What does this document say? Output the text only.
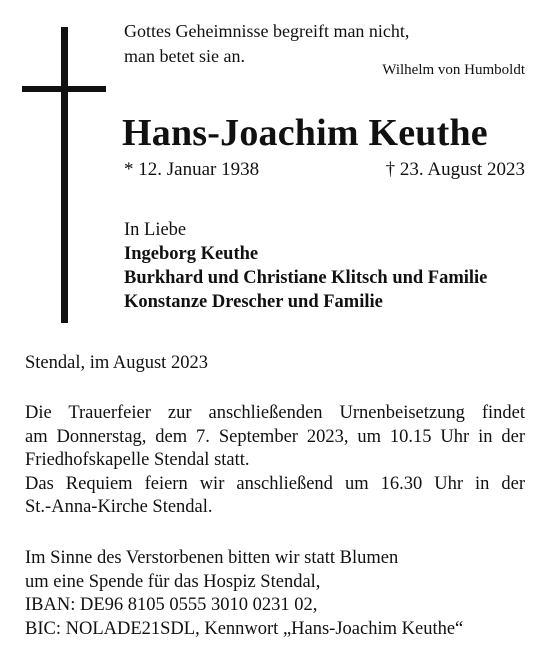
Gottes Geheimnisse begreift man nicht,
man betet sie an.
Wilhelm von Humboldt
Hans-Joachim Keuthe
* 12. Januar 1938	† 23. August 2023
In Liebe
Ingeborg Keuthe
Burkhard und Christiane Klitsch und Familie
Konstanze Drescher und Familie
Stendal, im August 2023
Die Trauerfeier zur anschließenden Urnenbeisetzung findet
am Donnerstag, dem 7. September 2023, um 10.15 Uhr in der
Friedhofskapelle Stendal statt.
Das Requiem feiern wir anschließend um 16.30 Uhr in der
St.-Anna-Kirche Stendal.
Im Sinne des Verstorbenen bitten wir statt Blumen
um eine Spende für das Hospiz Stendal,
IBAN: DE96 8105 0555 3010 0231 02,
BIC: NOLADE21SDL, Kennwort „Hans-Joachim Keuthe“
